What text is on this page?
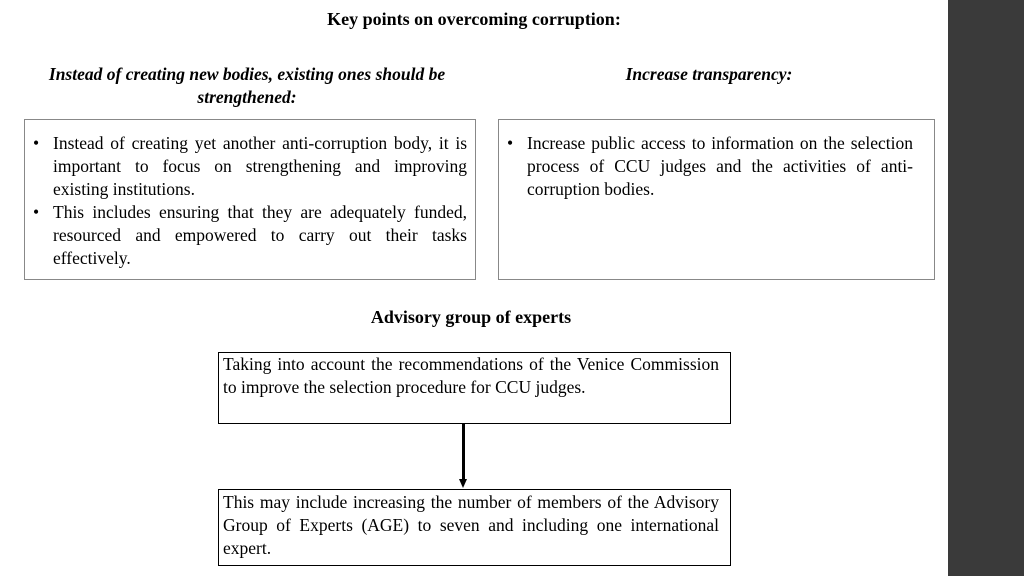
Key points on overcoming corruption:
Instead of creating new bodies, existing ones should be strengthened:
Increase transparency:
• Instead of creating yet another anti-corruption body, it is important to focus on strengthening and improving existing institutions.
• This includes ensuring that they are adequately funded, resourced and empowered to carry out their tasks effectively.
• Increase public access to information on the selection process of CCU judges and the activities of anti-corruption bodies.
Advisory group of experts
Taking into account the recommendations of the Venice Commission to improve the selection procedure for CCU judges.
This may include increasing the number of members of the Advisory Group of Experts (AGE) to seven and including one international expert.
